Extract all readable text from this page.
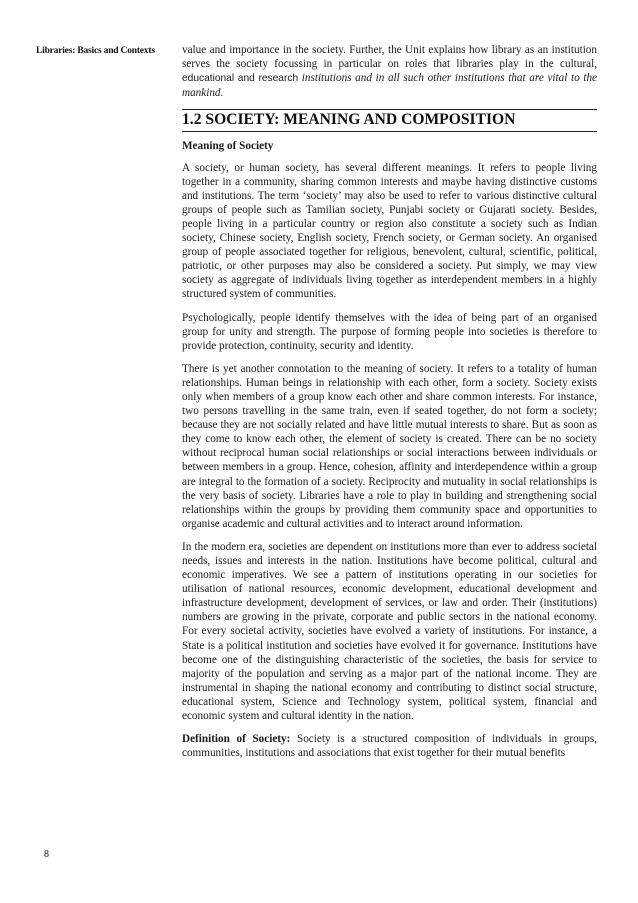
Libraries: Basics and Contexts	value and importance in the society. Further, the Unit explains how library as an institution serves the society focussing in particular on roles that libraries play in the cultural, educational and research institutions and in all such other institutions that are vital to the mankind.

1.2 SOCIETY: MEANING AND COMPOSITION
Meaning of Society

A society, or human society, has several different meanings. It refers to people living together in a community, sharing common interests and maybe having distinctive customs and institutions. The term ‘society’ may also be used to refer to various distinctive cultural groups of people such as Tamilian society, Punjabi society or Gujarati society. Besides, people living in a particular country or region also constitute a society such as Indian society, Chinese society, English society, French society, or German society. An organised group of people associated together for religious, benevolent, cultural, scientific, political, patriotic, or other purposes may also be considered a society. Put simply, we may view society as aggregate of individuals living together as interdependent members in a highly structured system of communities.

Psychologically, people identify themselves with the idea of being part of an organised group for unity and strength. The purpose of forming people into societies is therefore to provide protection, continuity, security and identity.

There is yet another connotation to the meaning of society. It refers to a totality of human relationships. Human beings in relationship with each other, form a society. Society exists only when members of a group know each other and share common interests. For instance, two persons travelling in the same train, even if seated together, do not form a society; because they are not socially related and have little mutual interests to share. But as soon as they come to know each other, the element of society is created. There can be no society without reciprocal human social relationships or social interactions between individuals or between members in a group. Hence, cohesion, affinity and interdependence within a group are integral to the formation of a society. Reciprocity and mutuality in social relationships is the very basis of society. Libraries have a role to play in building and strengthening social relationships within the groups by providing them community space and opportunities to organise academic and cultural activities and to interact around information.

In the modern era, societies are dependent on institutions more than ever to address societal needs, issues and interests in the nation. Institutions have become political, cultural and economic imperatives. We see a pattern of institutions operating in our societies for utilisation of national resources, economic development, educational development and infrastructure development, development of services, or law and order. Their (institutions) numbers are growing in the private, corporate and public sectors in the national economy. For every societal activity, societies have evolved a variety of institutions. For instance, a State is a political institution and societies have evolved it for governance. Institutions have become one of the distinguishing characteristic of the societies, the basis for service to majority of the population and serving as a major part of the national income. They are instrumental in shaping the national economy and contributing to distinct social structure, educational system, Science and Technology system, political system, financial and economic system and cultural identity in the nation.

Definition of Society: Society is a structured composition of individuals in groups, communities, institutions and associations that exist together for their mutual benefits

8
